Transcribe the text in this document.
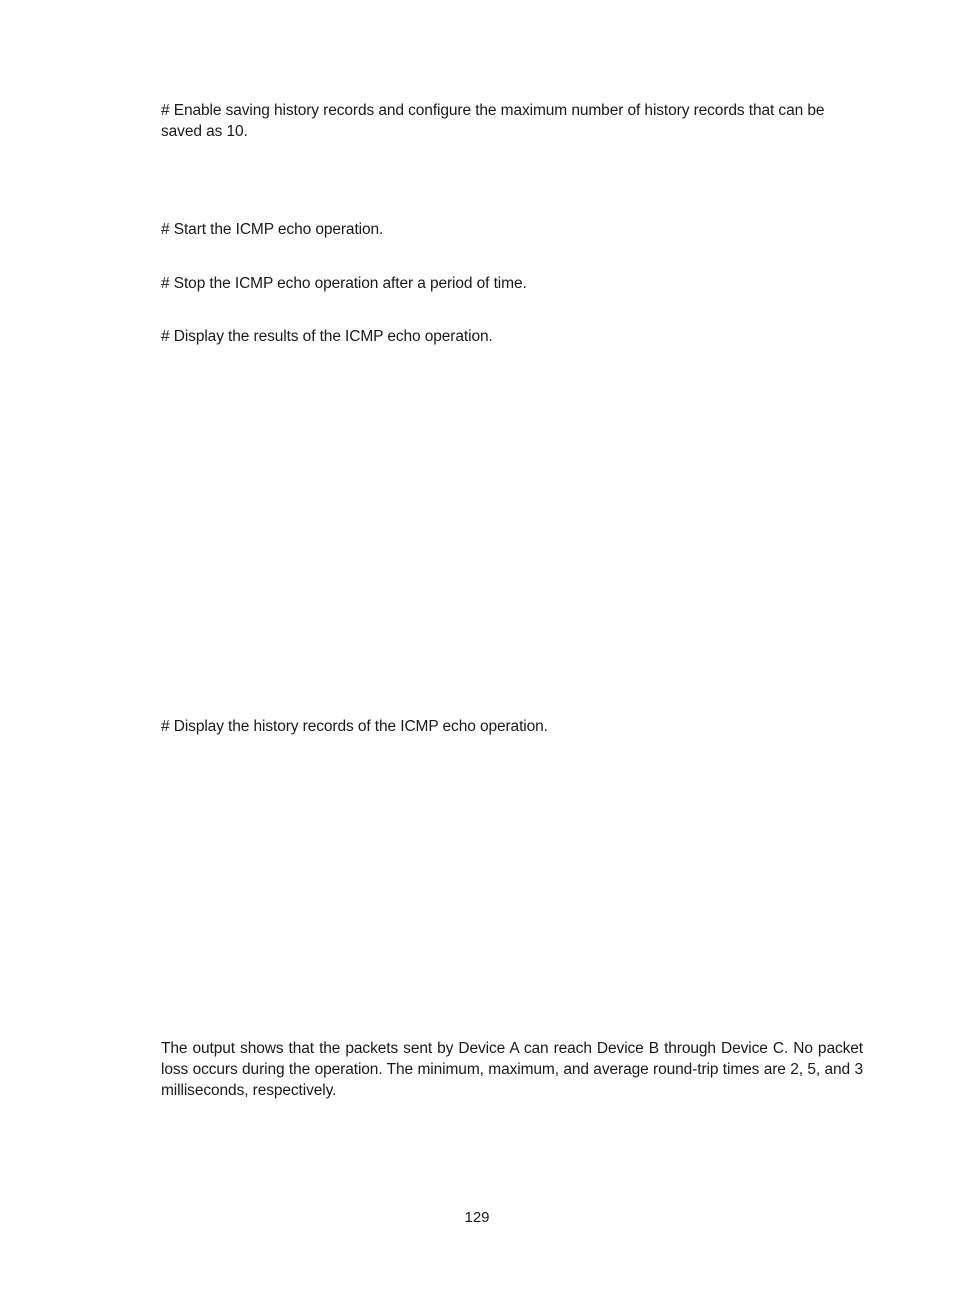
# Enable saving history records and configure the maximum number of history records that can be saved as 10.

# Start the ICMP echo operation.

# Stop the ICMP echo operation after a period of time.

# Display the results of the ICMP echo operation.

# Display the history records of the ICMP echo operation.

The output shows that the packets sent by Device A can reach Device B through Device C. No packet loss occurs during the operation. The minimum, maximum, and average round-trip times are 2, 5, and 3 milliseconds, respectively.

129
